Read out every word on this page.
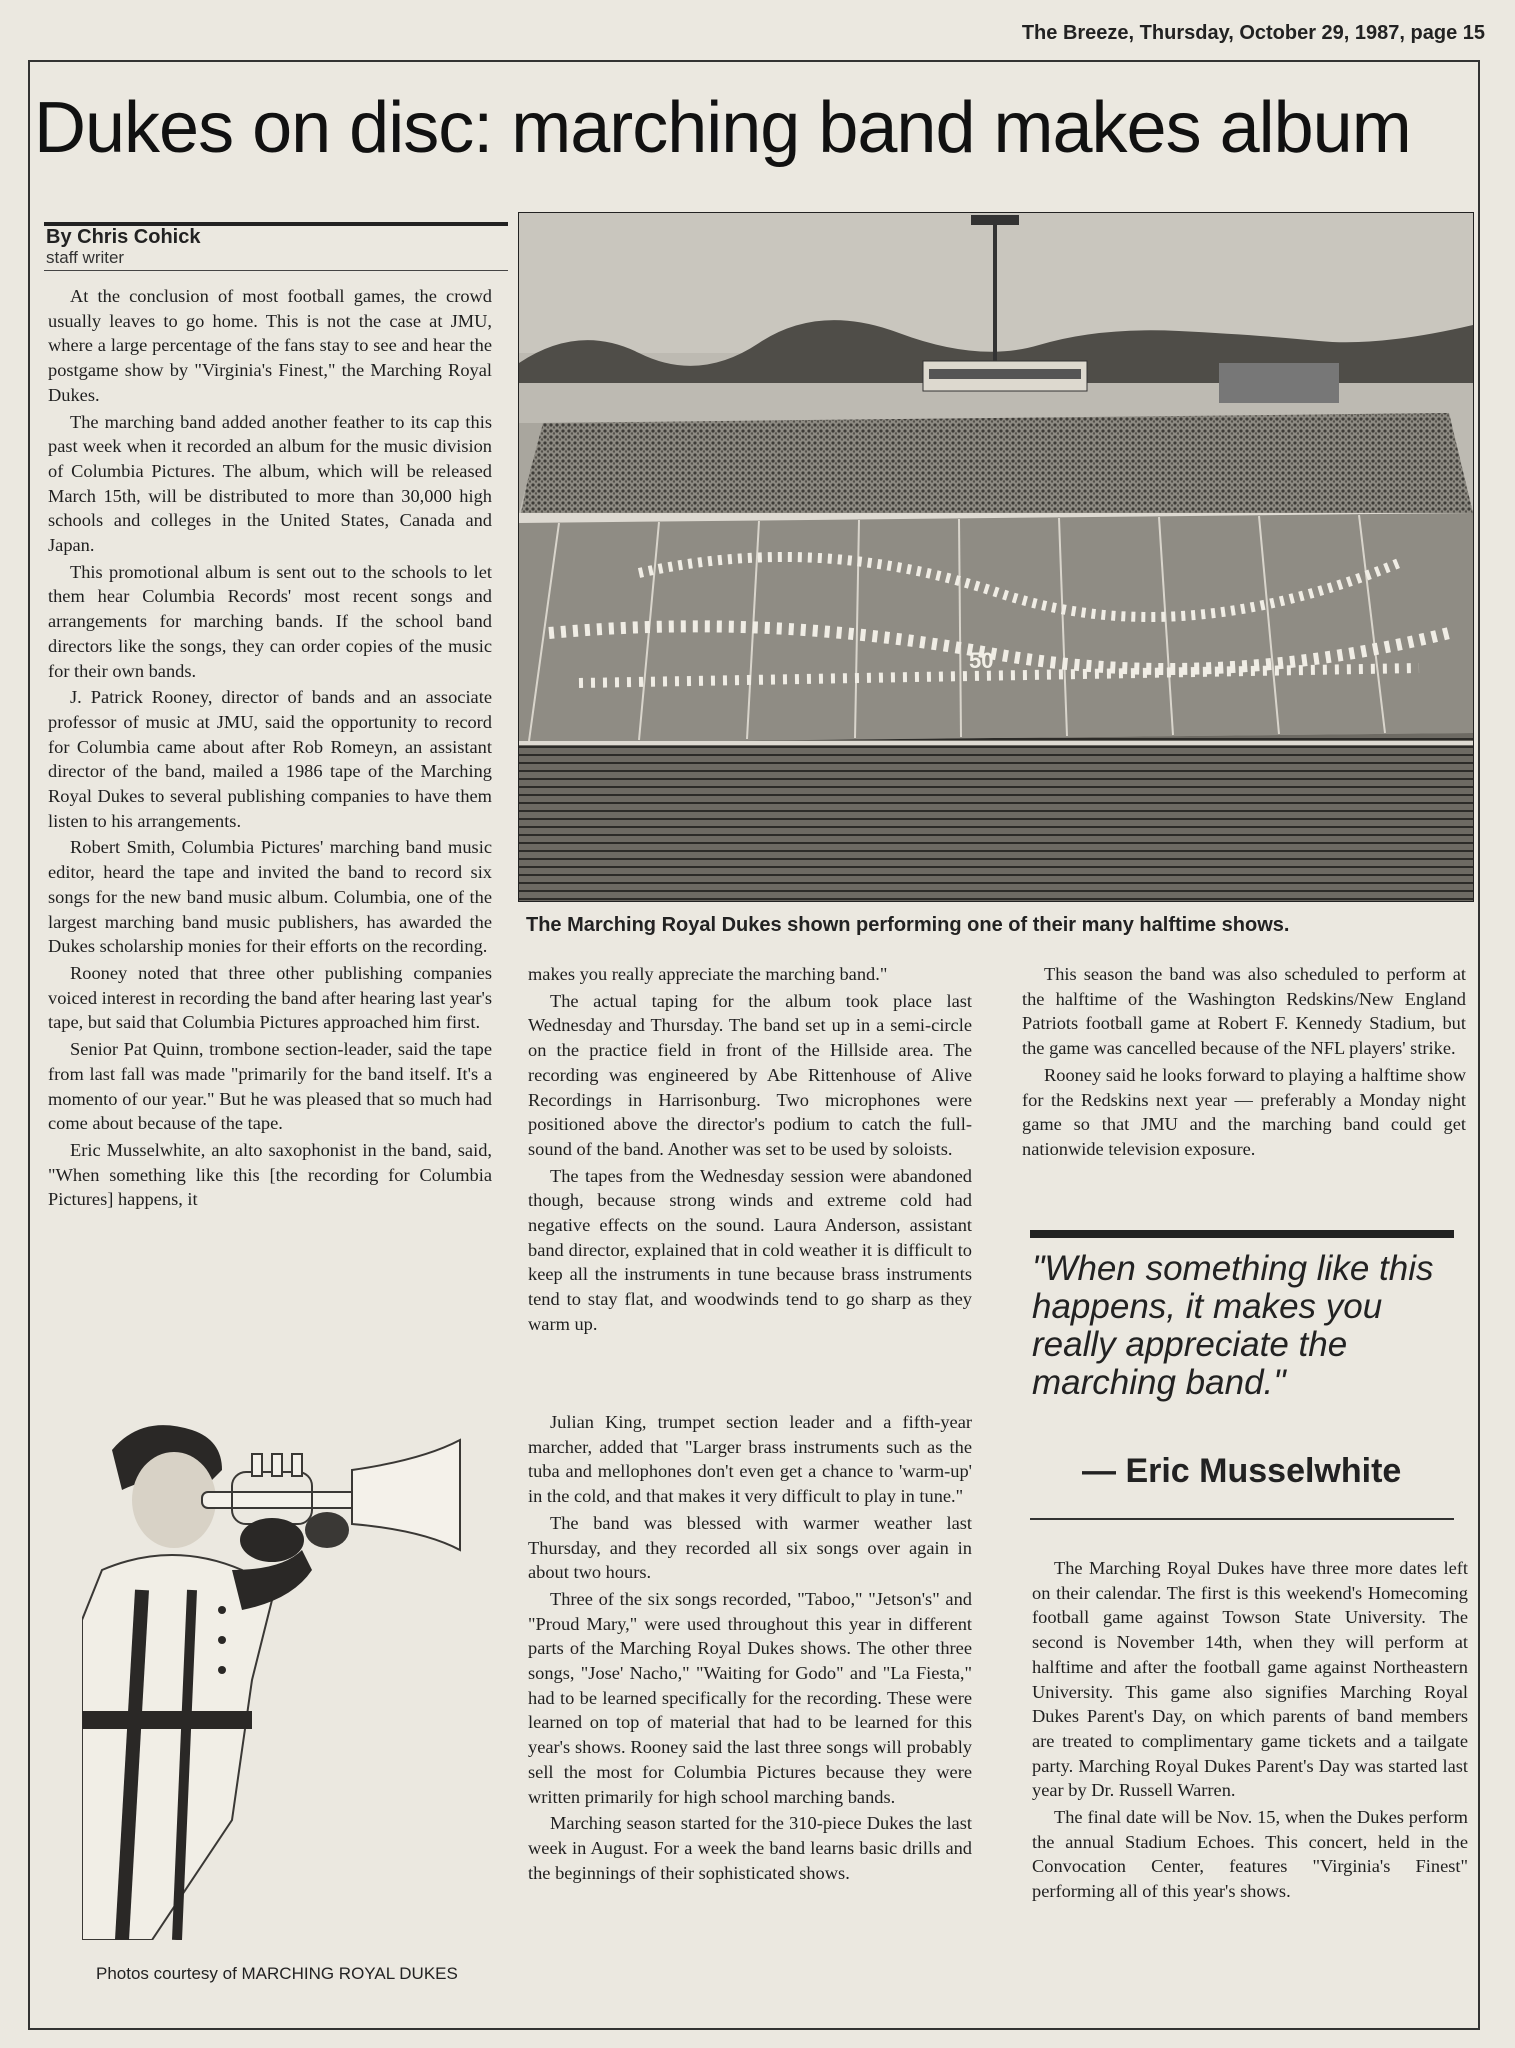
The Breeze, Thursday, October 29, 1987, page 15
Dukes on disc: marching band makes album
By Chris Cohick
staff writer

At the conclusion of most football games, the crowd usually leaves to go home. This is not the case at JMU, where a large percentage of the fans stay to see and hear the postgame show by "Virginia's Finest," the Marching Royal Dukes.

The marching band added another feather to its cap this past week when it recorded an album for the music division of Columbia Pictures. The album, which will be released March 15th, will be distributed to more than 30,000 high schools and colleges in the United States, Canada and Japan.

This promotional album is sent out to the schools to let them hear Columbia Records' most recent songs and arrangements for marching bands. If the school band directors like the songs, they can order copies of the music for their own bands.

J. Patrick Rooney, director of bands and an associate professor of music at JMU, said the opportunity to record for Columbia came about after Rob Romeyn, an assistant director of the band, mailed a 1986 tape of the Marching Royal Dukes to several publishing companies to have them listen to his arrangements.

Robert Smith, Columbia Pictures' marching band music editor, heard the tape and invited the band to record six songs for the new band music album. Columbia, one of the largest marching band music publishers, has awarded the Dukes scholarship monies for their efforts on the recording.

Rooney noted that three other publishing companies voiced interest in recording the band after hearing last year's tape, but said that Columbia Pictures approached him first.

Senior Pat Quinn, trombone section-leader, said the tape from last fall was made "primarily for the band itself. It's a momento of our year." But he was pleased that so much had come about because of the tape.

Eric Musselwhite, an alto saxophonist in the band, said, "When something like this [the recording for Columbia Pictures] happens, it

50
The Marching Royal Dukes shown performing one of their many halftime shows.

makes you really appreciate the marching band."

The actual taping for the album took place last Wednesday and Thursday. The band set up in a semi-circle on the practice field in front of the Hillside area. The recording was engineered by Abe Rittenhouse of Alive Recordings in Harrisonburg. Two microphones were positioned above the director's podium to catch the full-sound of the band. Another was set to be used by soloists.

The tapes from the Wednesday session were abandoned though, because strong winds and extreme cold had negative effects on the sound. Laura Anderson, assistant band director, explained that in cold weather it is difficult to keep all the instruments in tune because brass instruments tend to stay flat, and woodwinds tend to go sharp as they warm up.

Julian King, trumpet section leader and a fifth-year marcher, added that "Larger brass instruments such as the tuba and mellophones don't even get a chance to 'warm-up' in the cold, and that makes it very difficult to play in tune."

The band was blessed with warmer weather last Thursday, and they recorded all six songs over again in about two hours.

Three of the six songs recorded, "Taboo," "Jetson's" and "Proud Mary," were used throughout this year in different parts of the Marching Royal Dukes shows. The other three songs, "Jose' Nacho," "Waiting for Godo" and "La Fiesta," had to be learned specifically for the recording. These were learned on top of material that had to be learned for this year's shows. Rooney said the last three songs will probably sell the most for Columbia Pictures because they were written primarily for high school marching bands.

Marching season started for the 310-piece Dukes the last week in August. For a week the band learns basic drills and the beginnings of their sophisticated shows.

This season the band was also scheduled to perform at the halftime of the Washington Redskins/New England Patriots football game at Robert F. Kennedy Stadium, but the game was cancelled because of the NFL players' strike.

Rooney said he looks forward to playing a halftime show for the Redskins next year — preferably a Monday night game so that JMU and the marching band could get nationwide television exposure.

"When something like this happens, it makes you really appreciate the marching band."
— Eric Musselwhite

The Marching Royal Dukes have three more dates left on their calendar. The first is this weekend's Homecoming football game against Towson State University. The second is November 14th, when they will perform at halftime and after the football game against Northeastern University. This game also signifies Marching Royal Dukes Parent's Day, on which parents of band members are treated to complimentary game tickets and a tailgate party. Marching Royal Dukes Parent's Day was started last year by Dr. Russell Warren.

The final date will be Nov. 15, when the Dukes perform the annual Stadium Echoes. This concert, held in the Convocation Center, features "Virginia's Finest" performing all of this year's shows.

Photos courtesy of MARCHING ROYAL DUKES
